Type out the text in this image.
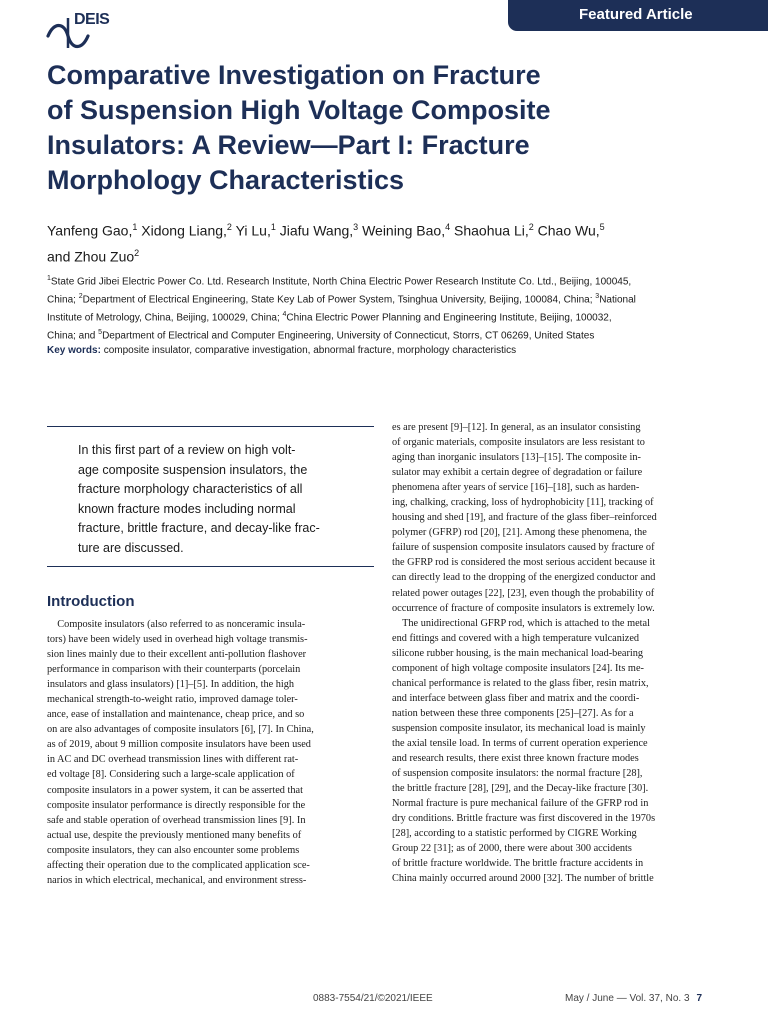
DEIS	Featured Article
Comparative Investigation on Fracture
of Suspension High Voltage Composite
Insulators: A Review—Part I: Fracture
Morphology Characteristics
Yanfeng Gao,$^1$ Xidong Liang,$^2$ Yi Lu,$^1$ Jiafu Wang,$^3$ Weining Bao,$^4$ Shaohua Li,$^2$ Chao Wu,$^5$
and Zhou Zuo$^2$
$^1$State Grid Jibei Electric Power Co. Ltd. Research Institute, North China Electric Power Research Institute Co. Ltd., Beijing, 100045,
China; $^2$Department of Electrical Engineering, State Key Lab of Power System, Tsinghua University, Beijing, 100084, China; $^3$National
Institute of Metrology, China, Beijing, 100029, China; $^4$China Electric Power Planning and Engineering Institute, Beijing, 100032,
China; and $^5$Department of Electrical and Computer Engineering, University of Connecticut, Storrs, CT 06269, United States
Key words: composite insulator, comparative investigation, abnormal fracture, morphology characteristics
In this first part of a review on high volt-
age composite suspension insulators, the
fracture morphology characteristics of all
known fracture modes including normal
fracture, brittle fracture, and decay-like frac-
ture are discussed.
Introduction
Composite insulators (also referred to as nonceramic insula-
tors) have been widely used in overhead high voltage transmis-
sion lines mainly due to their excellent anti-pollution flashover
performance in comparison with their counterparts (porcelain
insulators and glass insulators) [1]–[5]. In addition, the high
mechanical strength-to-weight ratio, improved damage toler-
ance, ease of installation and maintenance, cheap price, and so
on are also advantages of composite insulators [6], [7]. In China,
as of 2019, about 9 million composite insulators have been used
in AC and DC overhead transmission lines with different rat-
ed voltage [8]. Considering such a large-scale application of
composite insulators in a power system, it can be asserted that
composite insulator performance is directly responsible for the
safe and stable operation of overhead transmission lines [9]. In
actual use, despite the previously mentioned many benefits of
composite insulators, they can also encounter some problems
affecting their operation due to the complicated application sce-
narios in which electrical, mechanical, and environment stress-
es are present [9]–[12]. In general, as an insulator consisting
of organic materials, composite insulators are less resistant to
aging than inorganic insulators [13]–[15]. The composite in-
sulator may exhibit a certain degree of degradation or failure
phenomena after years of service [16]–[18], such as harden-
ing, chalking, cracking, loss of hydrophobicity [11], tracking of
housing and shed [19], and fracture of the glass fiber–reinforced
polymer (GFRP) rod [20], [21]. Among these phenomena, the
failure of suspension composite insulators caused by fracture of
the GFRP rod is considered the most serious accident because it
can directly lead to the dropping of the energized conductor and
related power outages [22], [23], even though the probability of
occurrence of fracture of composite insulators is extremely low.
The unidirectional GFRP rod, which is attached to the metal
end fittings and covered with a high temperature vulcanized
silicone rubber housing, is the main mechanical load-bearing
component of high voltage composite insulators [24]. Its me-
chanical performance is related to the glass fiber, resin matrix,
and interface between glass fiber and matrix and the coordi-
nation between these three components [25]–[27]. As for a
suspension composite insulator, its mechanical load is mainly
the axial tensile load. In terms of current operation experience
and research results, there exist three known fracture modes
of suspension composite insulators: the normal fracture [28],
the brittle fracture [28], [29], and the Decay-like fracture [30].
Normal fracture is pure mechanical failure of the GFRP rod in
dry conditions. Brittle fracture was first discovered in the 1970s
[28], according to a statistic performed by CIGRE Working
Group 22 [31]; as of 2000, there were about 300 accidents
of brittle fracture worldwide. The brittle fracture accidents in
China mainly occurred around 2000 [32]. The number of brittle
0883-7554/21/©2021/IEEE	May / June — Vol. 37, No. 3 7
